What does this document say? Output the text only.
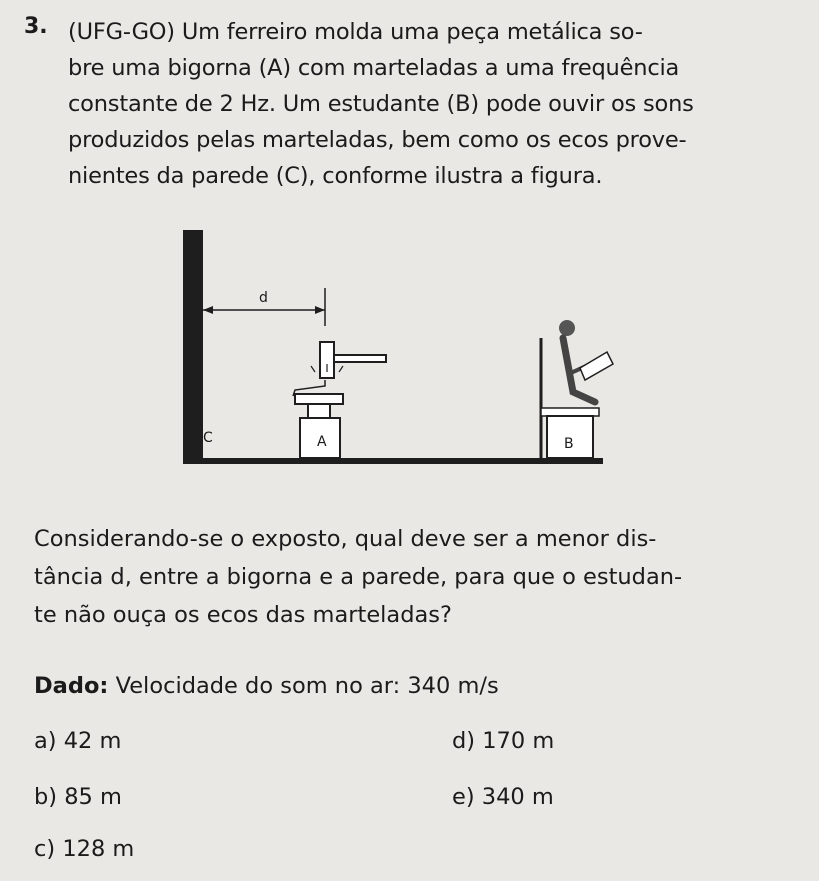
3. (UFG-GO) Um ferreiro molda uma peça metálica so-
bre uma bigorna (A) com marteladas a uma frequência
constante de 2 Hz. Um estudante (B) pode ouvir os sons
produzidos pelas marteladas, bem como os ecos prove-
nientes da parede (C), conforme ilustra a figura.
d
A	B
C
Considerando-se o exposto, qual deve ser a menor dis-
tância d, entre a bigorna e a parede, para que o estudan-
te não ouça os ecos das marteladas?
Dado: Velocidade do som no ar: 340 m/s
a) 42 m
b) 85 m
c) 128 m
d) 170 m
e) 340 m
